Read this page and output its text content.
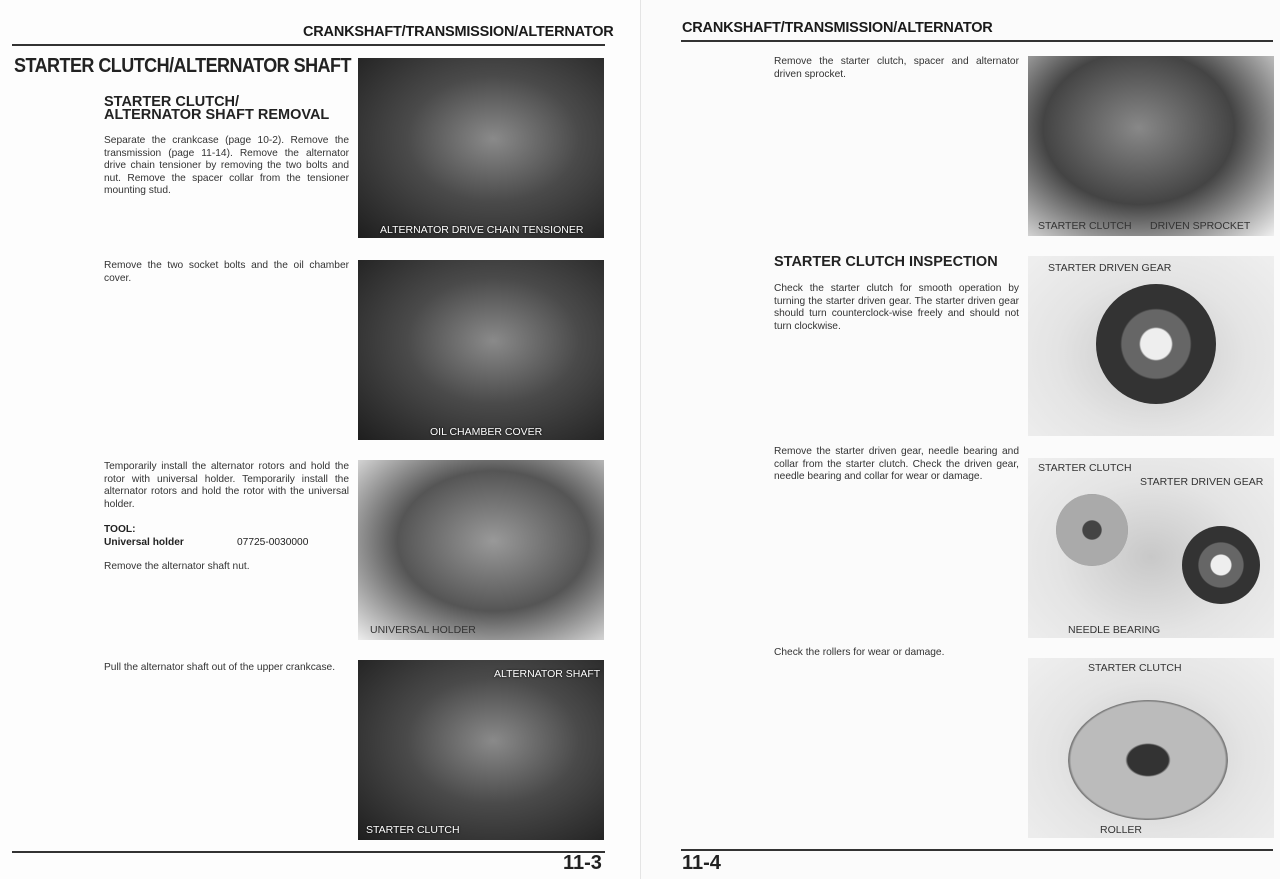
CRANKSHAFT/TRANSMISSION/ALTERNATOR
STARTER CLUTCH/ALTERNATOR SHAFT
STARTER CLUTCH/
ALTERNATOR SHAFT REMOVAL
Separate the crankcase (page 10-2). Remove the transmission (page 11-14). Remove the alternator drive chain tensioner by removing the two bolts and nut. Remove the spacer collar from the tensioner mounting stud.
Remove the two socket bolts and the oil chamber cover.
Temporarily install the alternator rotors and hold the rotor with universal holder. Temporarily install the alternator rotors and hold the rotor with the universal holder.
TOOL:
Universal holder	07725-0030000
Remove the alternator shaft nut.
Pull the alternator shaft out of the upper crankcase.
ALTERNATOR DRIVE CHAIN TENSIONER
OIL CHAMBER COVER
UNIVERSAL HOLDER
ALTERNATOR SHAFT
STARTER CLUTCH
11-3
CRANKSHAFT/TRANSMISSION/ALTERNATOR
Remove the starter clutch, spacer and alternator driven sprocket.
STARTER CLUTCH INSPECTION
Check the starter clutch for smooth operation by turning the starter driven gear. The starter driven gear should turn counterclock-wise freely and should not turn clockwise.
Remove the starter driven gear, needle bearing and collar from the starter clutch. Check the driven gear, needle bearing and collar for wear or damage.
Check the rollers for wear or damage.
STARTER CLUTCH DRIVEN SPROCKET
STARTER DRIVEN GEAR
STARTER CLUTCH
STARTER DRIVEN GEAR
NEEDLE BEARING
STARTER CLUTCH
ROLLER
11-4
